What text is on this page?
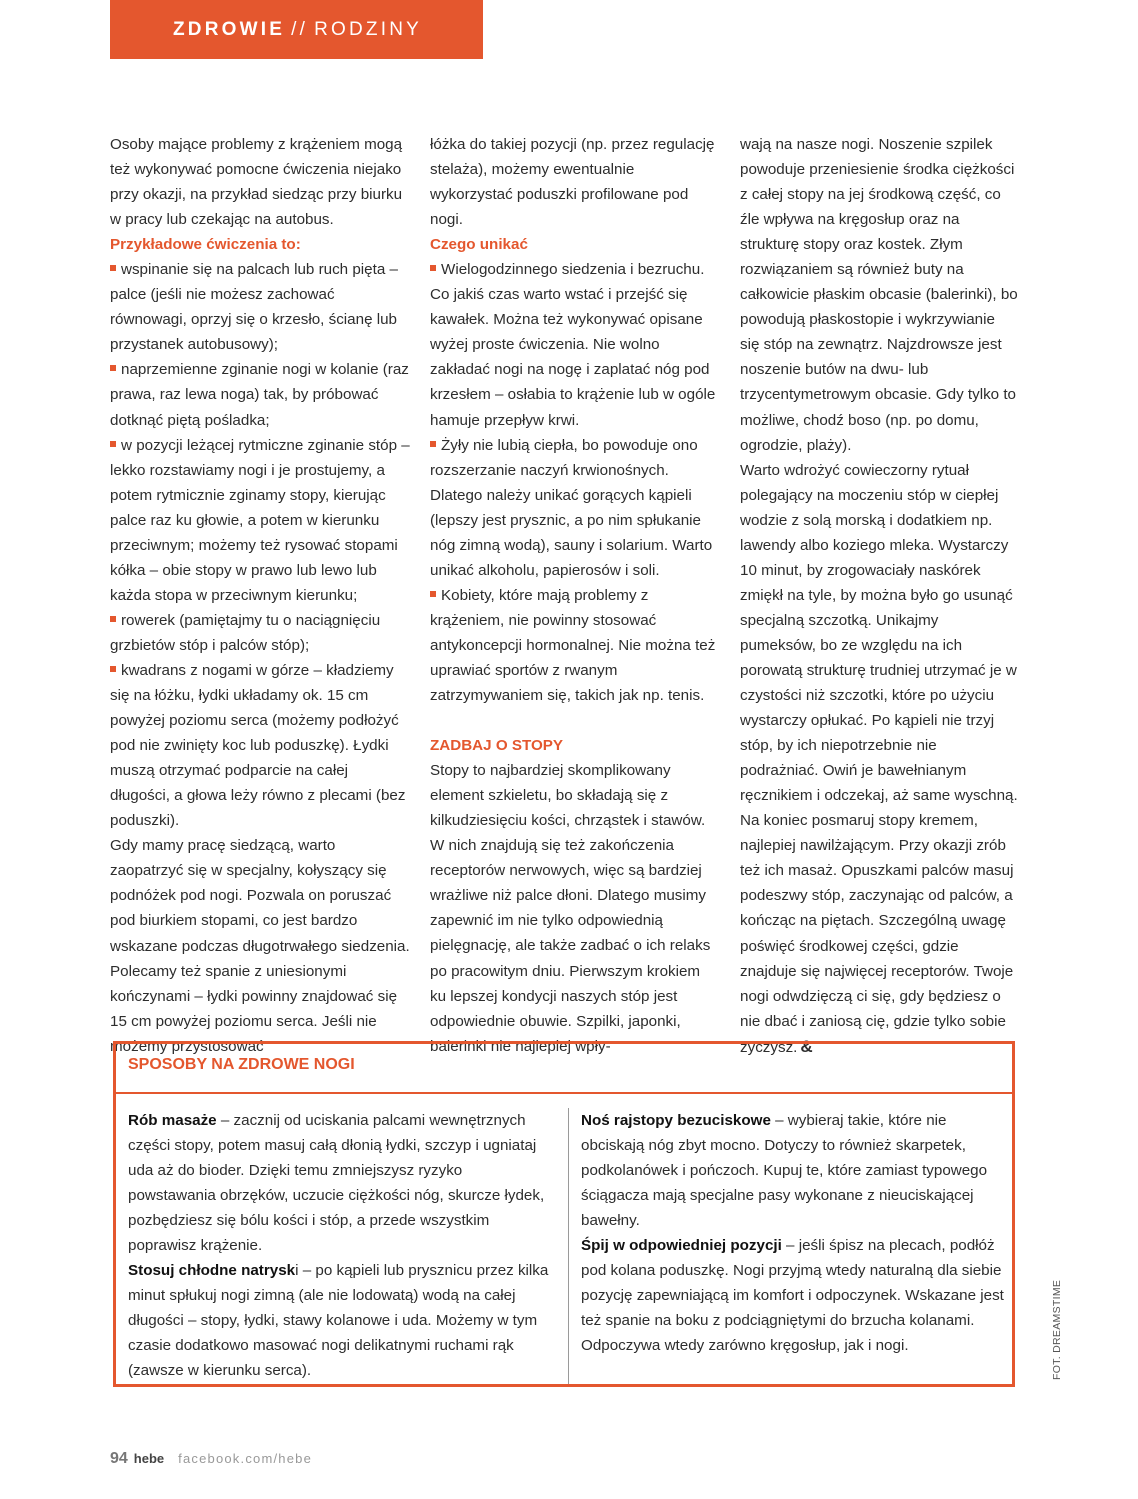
ZDROWIE // RODZINY

Osoby mające problemy z krążeniem mogą też wykonywać pomocne ćwiczenia niejako przy okazji, na przykład siedząc przy biurku w pracy lub czekając na autobus.

Przykładowe ćwiczenia to:

wspinanie się na palcach lub ruch pięta – palce (jeśli nie możesz zachować równowagi, oprzyj się o krzesło, ścianę lub przystanek autobusowy);

naprzemienne zginanie nogi w kolanie (raz prawa, raz lewa noga) tak, by próbować dotknąć piętą pośladka;

w pozycji leżącej rytmiczne zginanie stóp – lekko rozstawiamy nogi i je prostujemy, a potem rytmicznie zginamy stopy, kierując palce raz ku głowie, a potem w kierunku przeciwnym; możemy też rysować stopami kółka – obie stopy w prawo lub lewo lub każda stopa w przeciwnym kierunku;

rowerek (pamiętajmy tu o naciągnięciu grzbietów stóp i palców stóp);

kwadrans z nogami w górze – kładziemy się na łóżku, łydki układamy ok. 15 cm powyżej poziomu serca (możemy podłożyć pod nie zwinięty koc lub poduszkę). Łydki muszą otrzymać podparcie na całej długości, a głowa leży równo z plecami (bez poduszki).

Gdy mamy pracę siedzącą, warto zaopatrzyć się w specjalny, kołyszący się podnóżek pod nogi. Pozwala on poruszać pod biurkiem stopami, co jest bardzo wskazane podczas długotrwałego siedzenia. Polecamy też spanie z uniesionymi kończynami – łydki powinny znajdować się 15 cm powyżej poziomu serca. Jeśli nie możemy przystosować

łóżka do takiej pozycji (np. przez regulację stelaża), możemy ewentualnie wykorzystać poduszki profilowane pod nogi.

Czego unikać

Wielogodzinnego siedzenia i bezruchu. Co jakiś czas warto wstać i przejść się kawałek. Można też wykonywać opisane wyżej proste ćwiczenia. Nie wolno zakładać nogi na nogę i zaplatać nóg pod krzesłem – osłabia to krążenie lub w ogóle hamuje przepływ krwi.

Żyły nie lubią ciepła, bo powoduje ono rozszerzanie naczyń krwionośnych. Dlatego należy unikać gorących kąpieli (lepszy jest prysznic, a po nim spłukanie nóg zimną wodą), sauny i solarium. Warto unikać alkoholu, papierosów i soli.

Kobiety, które mają problemy z krążeniem, nie powinny stosować antykoncepcji hormonalnej. Nie można też uprawiać sportów z rwanym zatrzymywaniem się, takich jak np. tenis.

ZADBAJ O STOPY

Stopy to najbardziej skomplikowany element szkieletu, bo składają się z kilkudziesięciu kości, chrząstek i stawów. W nich znajdują się też zakończenia receptorów nerwowych, więc są bardziej wrażliwe niż palce dłoni. Dlatego musimy zapewnić im nie tylko odpowiednią pielęgnację, ale także zadbać o ich relaks po pracowitym dniu. Pierwszym krokiem ku lepszej kondycji naszych stóp jest odpowiednie obuwie. Szpilki, japonki, balerinki nie najlepiej wpły-

wają na nasze nogi. Noszenie szpilek powoduje przeniesienie środka ciężkości z całej stopy na jej środkową część, co źle wpływa na kręgosłup oraz na strukturę stopy oraz kostek. Złym rozwiązaniem są również buty na całkowicie płaskim obcasie (balerinki), bo powodują płaskostopie i wykrzywianie się stóp na zewnątrz. Najzdrowsze jest noszenie butów na dwu- lub trzycentymetrowym obcasie. Gdy tylko to możliwe, chodź boso (np. po domu, ogrodzie, plaży).

Warto wdrożyć cowieczorny rytuał polegający na moczeniu stóp w ciepłej wodzie z solą morską i dodatkiem np. lawendy albo koziego mleka. Wystarczy 10 minut, by zrogowaciały naskórek zmiękł na tyle, by można było go usunąć specjalną szczotką. Unikajmy pumeksów, bo ze względu na ich porowatą strukturę trudniej utrzymać je w czystości niż szczotki, które po użyciu wystarczy opłukać. Po kąpieli nie trzyj stóp, by ich niepotrzebnie nie podrażniać. Owiń je bawełnianym ręcznikiem i odczekaj, aż same wyschną. Na koniec posmaruj stopy kremem, najlepiej nawilżającym. Przy okazji zrób też ich masaż. Opuszkami palców masuj podeszwy stóp, zaczynając od palców, a kończąc na piętach. Szczególną uwagę poświęć środkowej części, gdzie znajduje się najwięcej receptorów. Twoje nogi odwdzięczą ci się, gdy będziesz o nie dbać i zaniosą cię, gdzie tylko sobie życzysz. &

SPOSOBY NA ZDROWE NOGI

Rób masaże – zacznij od uciskania palcami wewnętrznych części stopy, potem masuj całą dłonią łydki, szczyp i ugniataj uda aż do bioder. Dzięki temu zmniejszysz ryzyko powstawania obrzęków, uczucie ciężkości nóg, skurcze łydek, pozbędziesz się bólu kości i stóp, a przede wszystkim poprawisz krążenie.

Stosuj chłodne natryski – po kąpieli lub prysznicu przez kilka minut spłukuj nogi zimną (ale nie lodowatą) wodą na całej długości – stopy, łydki, stawy kolanowe i uda. Możemy w tym czasie dodatkowo masować nogi delikatnymi ruchami rąk (zawsze w kierunku serca).

Noś rajstopy bezuciskowe – wybieraj takie, które nie obciskają nóg zbyt mocno. Dotyczy to również skarpetek, podkolanówek i pończoch. Kupuj te, które zamiast typowego ściągacza mają specjalne pasy wykonane z nieuciskającej bawełny.

Śpij w odpowiedniej pozycji – jeśli śpisz na plecach, podłóż pod kolana poduszkę. Nogi przyjmą wtedy naturalną dla siebie pozycję zapewniającą im komfort i odpoczynek. Wskazane jest też spanie na boku z podciągniętymi do brzucha kolanami. Odpoczywa wtedy zarówno kręgosłup, jak i nogi.	FOT. DREAMSTIME
94 hebe facebook.com/hebe
